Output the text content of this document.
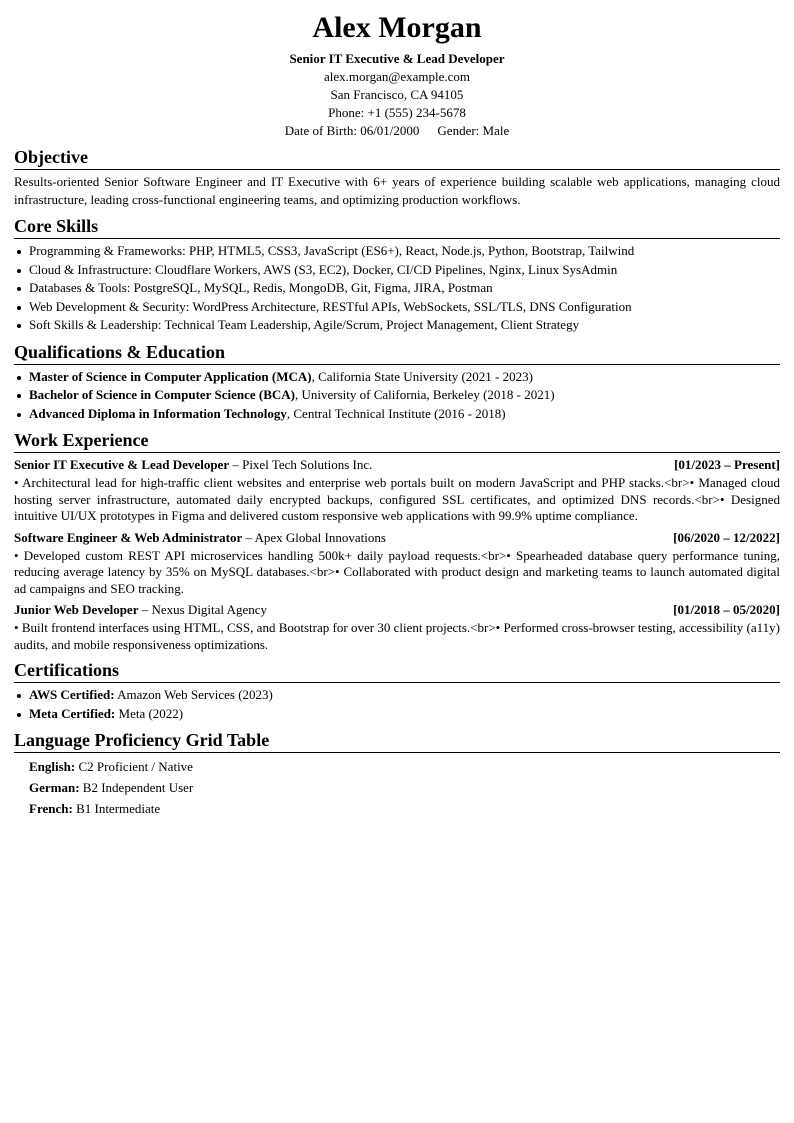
Alex Morgan
Senior IT Executive & Lead Developer
alex.morgan@example.com
San Francisco, CA 94105
Phone: +1 (555) 234-5678
Date of Birth: 06/01/2000 Gender: Male
Objective

Results-oriented Senior Software Engineer and IT Executive with 6+ years of experience building scalable web applications, managing cloud infrastructure, leading cross-functional engineering teams, and optimizing production workflows.

Core Skills
Programming & Frameworks: PHP, HTML5, CSS3, JavaScript (ES6+), React, Node.js, Python, Bootstrap, Tailwind
Cloud & Infrastructure: Cloudflare Workers, AWS (S3, EC2), Docker, CI/CD Pipelines, Nginx, Linux SysAdmin
Databases & Tools: PostgreSQL, MySQL, Redis, MongoDB, Git, Figma, JIRA, Postman
Web Development & Security: WordPress Architecture, RESTful APIs, WebSockets, SSL/TLS, DNS Configuration
Soft Skills & Leadership: Technical Team Leadership, Agile/Scrum, Project Management, Client Strategy
Qualifications & Education
Master of Science in Computer Application (MCA), California State University (2021 - 2023)
Bachelor of Science in Computer Science (BCA), University of California, Berkeley (2018 - 2021)
Advanced Diploma in Information Technology, Central Technical Institute (2016 - 2018)
Work Experience
Senior IT Executive & Lead Developer – Pixel Tech Solutions Inc.	[01/2023 – Present]

• Architectural lead for high-traffic client websites and enterprise web portals built on modern JavaScript and PHP stacks.<br>• Managed cloud hosting server infrastructure, automated daily encrypted backups, configured SSL certificates, and optimized DNS records.<br>• Designed intuitive UI/UX prototypes in Figma and delivered custom responsive web applications with 99.9% uptime compliance.

Software Engineer & Web Administrator – Apex Global Innovations	[06/2020 – 12/2022]

• Developed custom REST API microservices handling 500k+ daily payload requests.<br>• Spearheaded database query performance tuning, reducing average latency by 35% on MySQL databases.<br>• Collaborated with product design and marketing teams to launch automated digital ad campaigns and SEO tracking.

Junior Web Developer – Nexus Digital Agency	[01/2018 – 05/2020]

• Built frontend interfaces using HTML, CSS, and Bootstrap for over 30 client projects.<br>• Performed cross-browser testing, accessibility (a11y) audits, and mobile responsiveness optimizations.

Certifications
AWS Certified: Amazon Web Services (2023)
Meta Certified: Meta (2022)
Language Proficiency Grid Table
English: C2 Proficient / Native
German: B2 Independent User
French: B1 Intermediate
